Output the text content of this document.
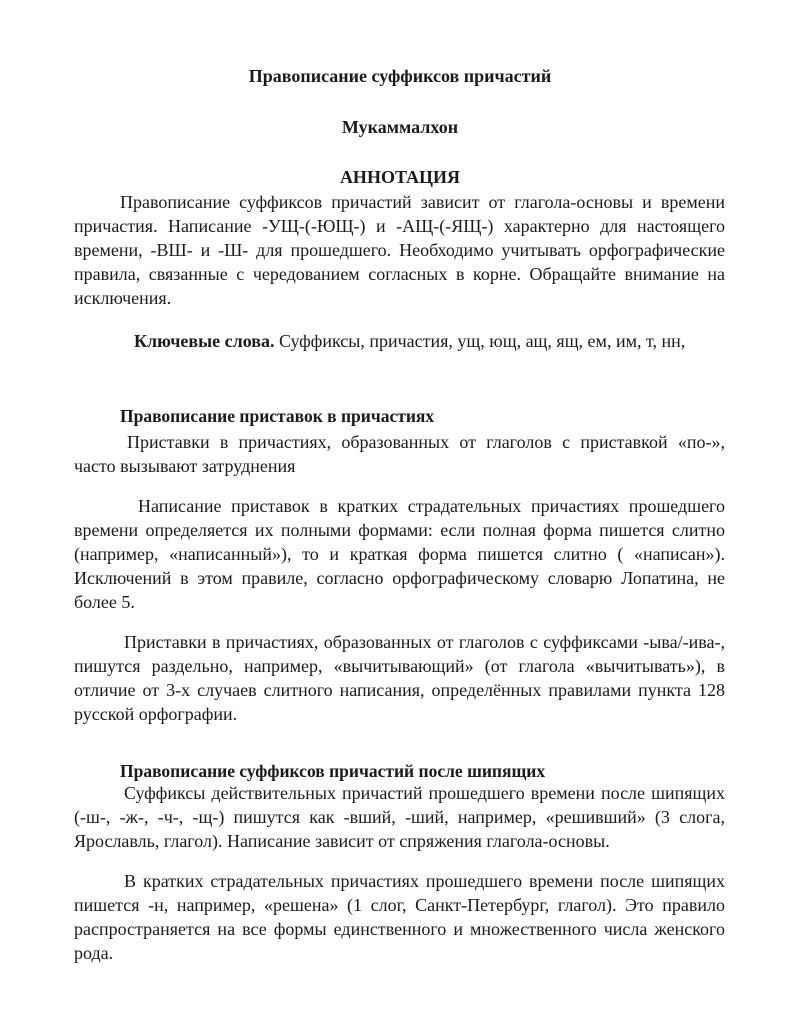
Правописание суффиксов причастий

Мукаммалхон

АННОТАЦИЯ

Правописание суффиксов причастий зависит от глагола-основы и времени

причастия. Написание -УЩ-(-ЮЩ-) и -АЩ-(-ЯЩ-) характерно для настоящего

времени, -ВШ- и -Ш- для прошедшего. Необходимо учитывать орфографические

правила, связанные с чередованием согласных в корне. Обращайте внимание на

исключения.

Ключевые слова. Суффиксы, причастия, ущ, ющ, ащ, ящ, ем, им, т, нн,

Правописание приставок в причастиях

Приставки в причастиях, образованных от глаголов с приставкой «по-»,

часто вызывают затруднения

Написание приставок в кратких страдательных причастиях прошедшего

времени определяется их полными формами: если полная форма пишется слитно

(например, «написанный»), то и краткая форма пишется слитно ( «написан»).

Исключений в этом правиле, согласно орфографическому словарю Лопатина, не

более 5.

Приставки в причастиях, образованных от глаголов с суффиксами -ыва/-ива-,

пишутся раздельно, например, «вычитывающий» (от глагола «вычитывать»), в

отличие от 3-х случаев слитного написания, определённых правилами пункта 128

русской орфографии.

Правописание суффиксов причастий после шипящих

Суффиксы действительных причастий прошедшего времени после шипящих

(-ш-, -ж-, -ч-, -щ-) пишутся как -вший, -ший, например, «решивший» (3 слога,

Ярославль, глагол). Написание зависит от спряжения глагола-основы.

В кратких страдательных причастиях прошедшего времени после шипящих

пишется -н, например, «решена» (1 слог, Санкт-Петербург, глагол). Это правило

распространяется на все формы единственного и множественного числа женского

рода.
